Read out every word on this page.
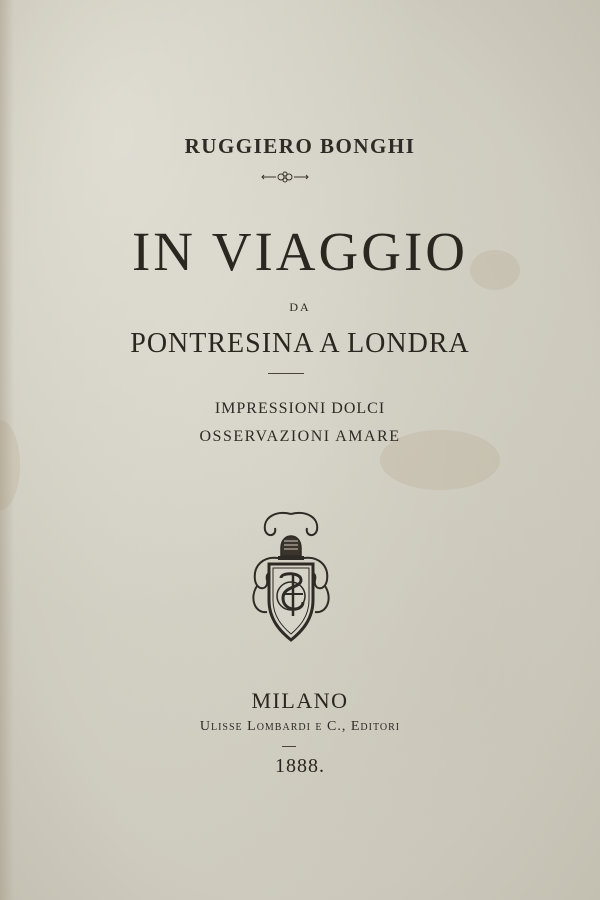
RUGGIERO BONGHI
IN VIAGGIO
DA
PONTRESINA A LONDRA
IMPRESSIONI DOLCI
OSSERVAZIONI AMARE
MILANO
Ulisse Lombardi e C., Editori
1888.
